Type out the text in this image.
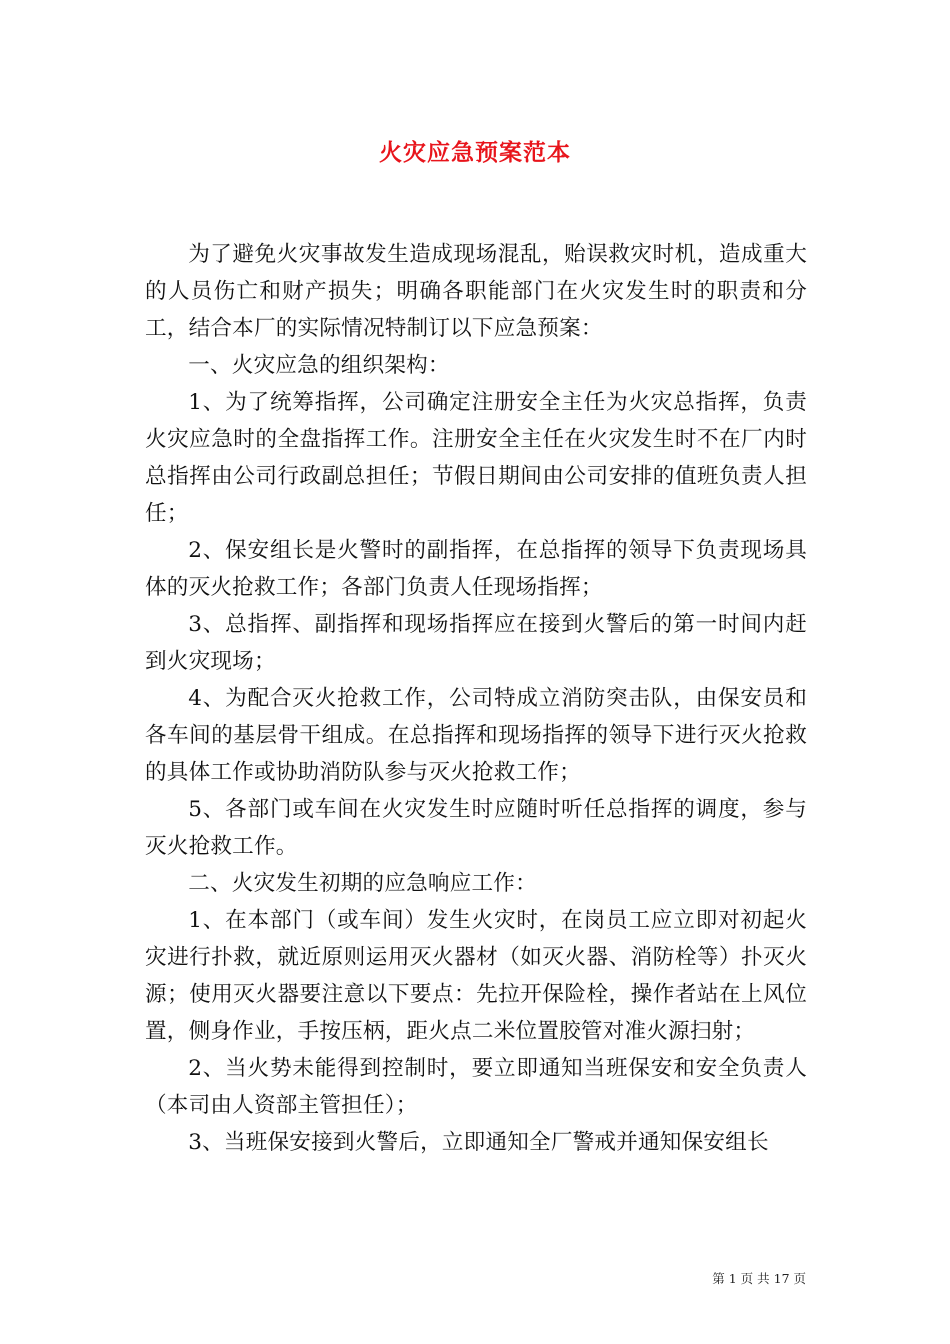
火灾应急预案范本

为了避免火灾事故发生造成现场混乱，贻误救灾时机，造成重大的人员伤亡和财产损失；明确各职能部门在火灾发生时的职责和分工，结合本厂的实际情况特制订以下应急预案：

一、火灾应急的组织架构：

1、为了统筹指挥，公司确定注册安全主任为火灾总指挥，负责火灾应急时的全盘指挥工作。注册安全主任在火灾发生时不在厂内时总指挥由公司行政副总担任；节假日期间由公司安排的值班负责人担任；

2、保安组长是火警时的副指挥，在总指挥的领导下负责现场具体的灭火抢救工作；各部门负责人任现场指挥；

3、总指挥、副指挥和现场指挥应在接到火警后的第一时间内赶到火灾现场；

4、为配合灭火抢救工作，公司特成立消防突击队，由保安员和各车间的基层骨干组成。在总指挥和现场指挥的领导下进行灭火抢救的具体工作或协助消防队参与灭火抢救工作；

5、各部门或车间在火灾发生时应随时听任总指挥的调度，参与灭火抢救工作。

二、火灾发生初期的应急响应工作：

1、在本部门（或车间）发生火灾时，在岗员工应立即对初起火灾进行扑救，就近原则运用灭火器材（如灭火器、消防栓等）扑灭火源；使用灭火器要注意以下要点：先拉开保险栓，操作者站在上风位置，侧身作业，手按压柄，距火点二米位置胶管对准火源扫射；

2、当火势未能得到控制时，要立即通知当班保安和安全负责人（本司由人资部主管担任）；

3、当班保安接到火警后，立即通知全厂警戒并通知保安组长

第 1 页 共 17 页
